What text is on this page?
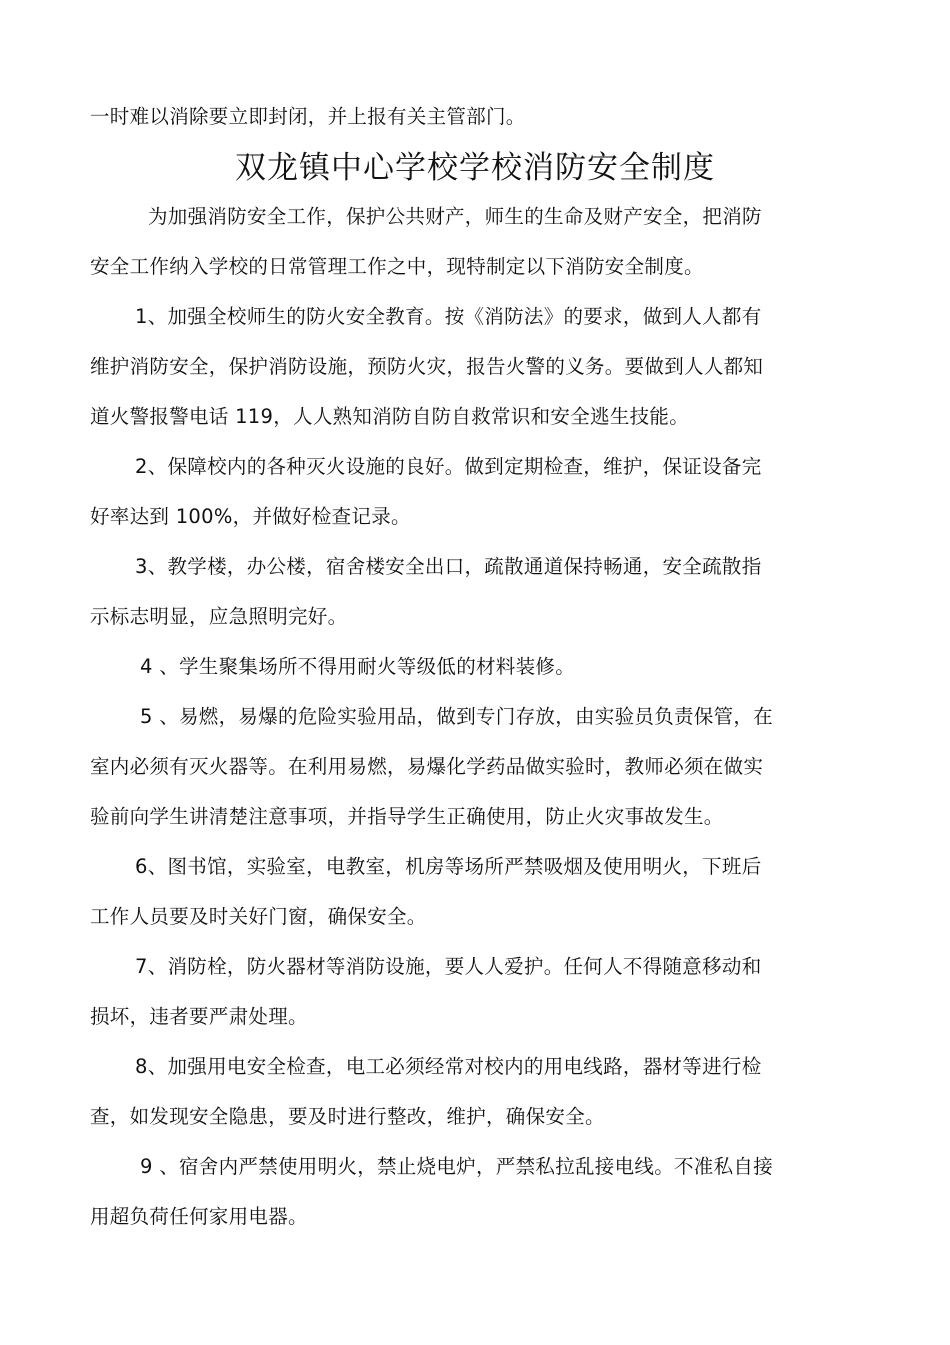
一时难以消除要立即封闭，并上报有关主管部门。
双龙镇中心学校学校消防安全制度
为加强消防安全工作，保护公共财产，师生的生命及财产安全，把消防
安全工作纳入学校的日常管理工作之中，现特制定以下消防安全制度。
1、加强全校师生的防火安全教育。按《消防法》的要求，做到人人都有
维护消防安全，保护消防设施，预防火灾，报告火警的义务。要做到人人都知
道火警报警电话 119，人人熟知消防自防自救常识和安全逃生技能。
2、保障校内的各种灭火设施的良好。做到定期检查，维护，保证设备完
好率达到 100%，并做好检查记录。
3、教学楼，办公楼，宿舍楼安全出口，疏散通道保持畅通，安全疏散指
示标志明显，应急照明完好。
4 、学生聚集场所不得用耐火等级低的材料装修。
5 、易燃，易爆的危险实验用品，做到专门存放，由实验员负责保管，在
室内必须有灭火器等。在利用易燃，易爆化学药品做实验时，教师必须在做实
验前向学生讲清楚注意事项，并指导学生正确使用，防止火灾事故发生。
6、图书馆，实验室，电教室，机房等场所严禁吸烟及使用明火，下班后
工作人员要及时关好门窗，确保安全。
7、消防栓，防火器材等消防设施，要人人爱护。任何人不得随意移动和
损坏，违者要严肃处理。
8、加强用电安全检查，电工必须经常对校内的用电线路，器材等进行检
查，如发现安全隐患，要及时进行整改，维护，确保安全。
9 、宿舍内严禁使用明火，禁止烧电炉，严禁私拉乱接电线。不准私自接
用超负荷任何家用电器。
